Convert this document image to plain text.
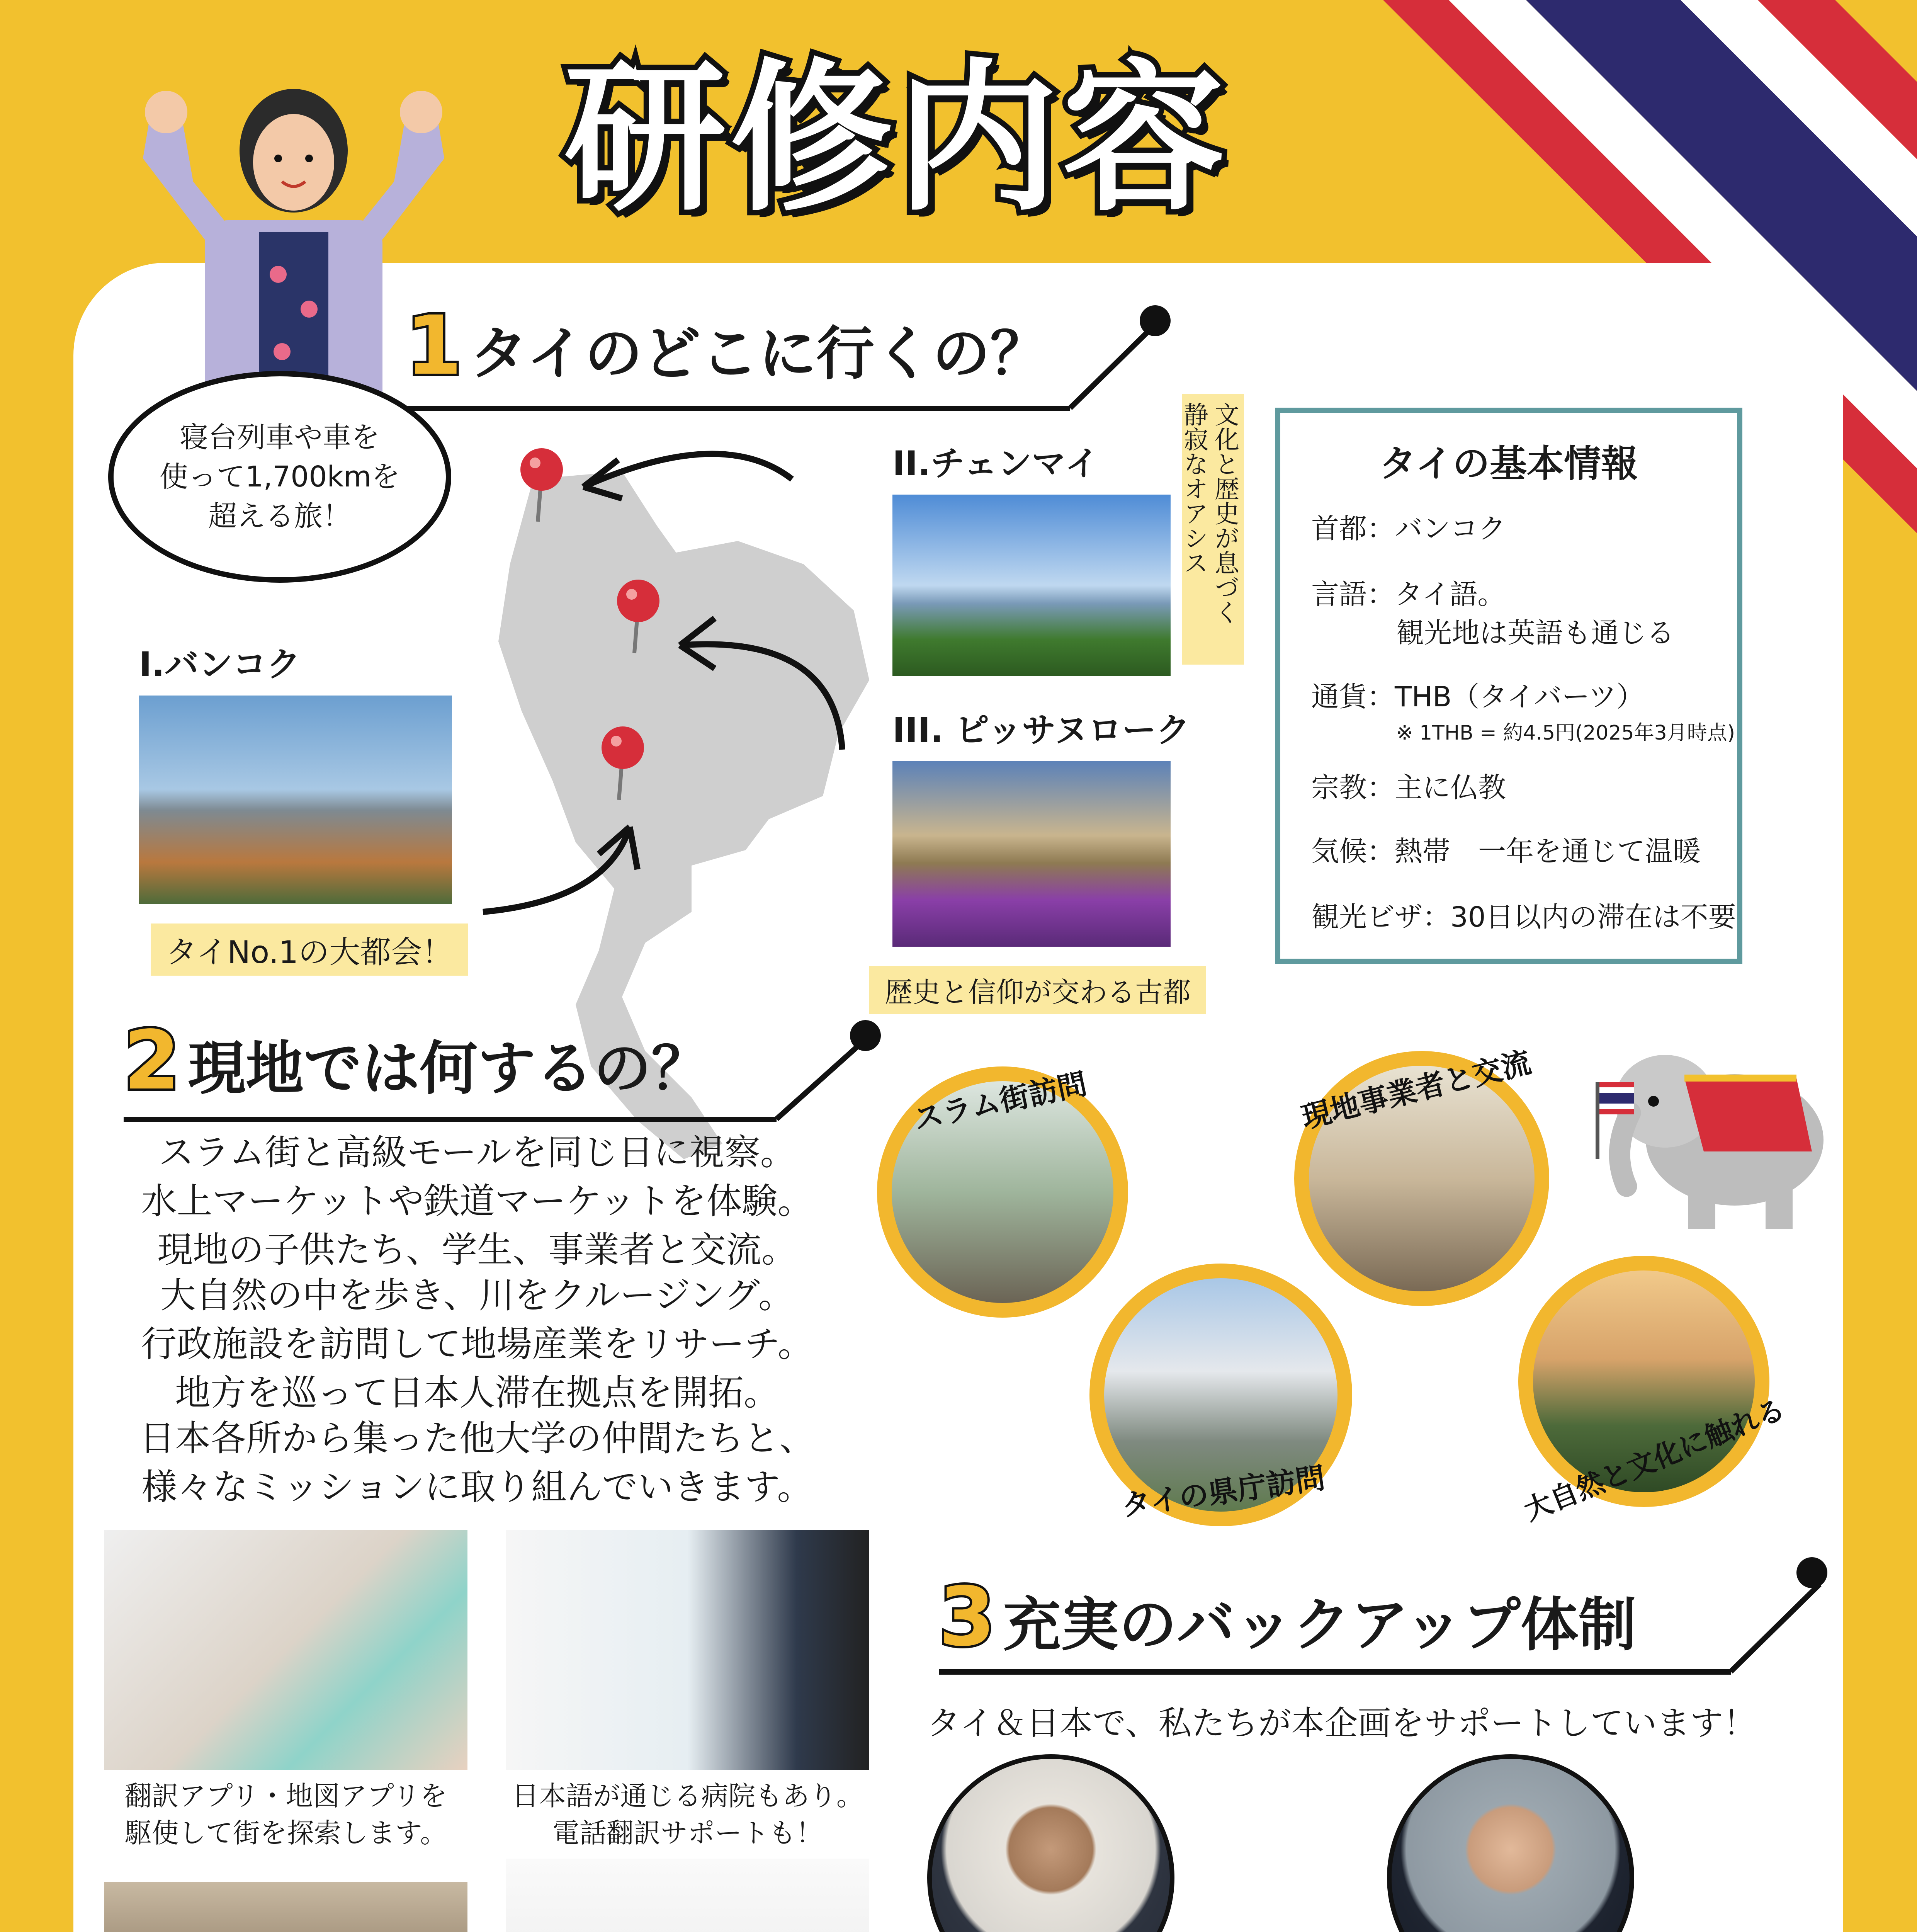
研修内容
寝台列車や車を
使って1,700kmを
超える旅！
1 タイのどこに行くの？
I.バンコク
タイNo.1の大都会！
II.チェンマイ	文化と歴史が息づく
静寂なオアシス
III. ピッサヌローク
歴史と信仰が交わる古都
タイの基本情報
首都：バンコク
言語：タイ語。
観光地は英語も通じる
通貨：THB（タイバーツ）
※ 1THB = 約4.5円(2025年3月時点)
宗教：主に仏教
気候：熱帯　一年を通じて温暖
観光ビザ：30日以内の滞在は不要
2 現地では何するの？
スラム街と高級モールを同じ日に視察。
水上マーケットや鉄道マーケットを体験。
現地の子供たち、学生、事業者と交流。
大自然の中を歩き、川をクルージング。
行政施設を訪問して地場産業をリサーチ。
地方を巡って日本人滞在拠点を開拓。
日本各所から集った他大学の仲間たちと、
様々なミッションに取り組んでいきます。
スラム街訪問	現地事業者と交流
タイの県庁訪問	大自然と文化に触れる
翻訳アプリ・地図アプリを
駆使して街を探索します。
日本語が通じる病院もあり。
電話翻訳サポートも！
3 充実のバックアップ体制
タイ＆日本で、私たちが本企画をサポートしています！
